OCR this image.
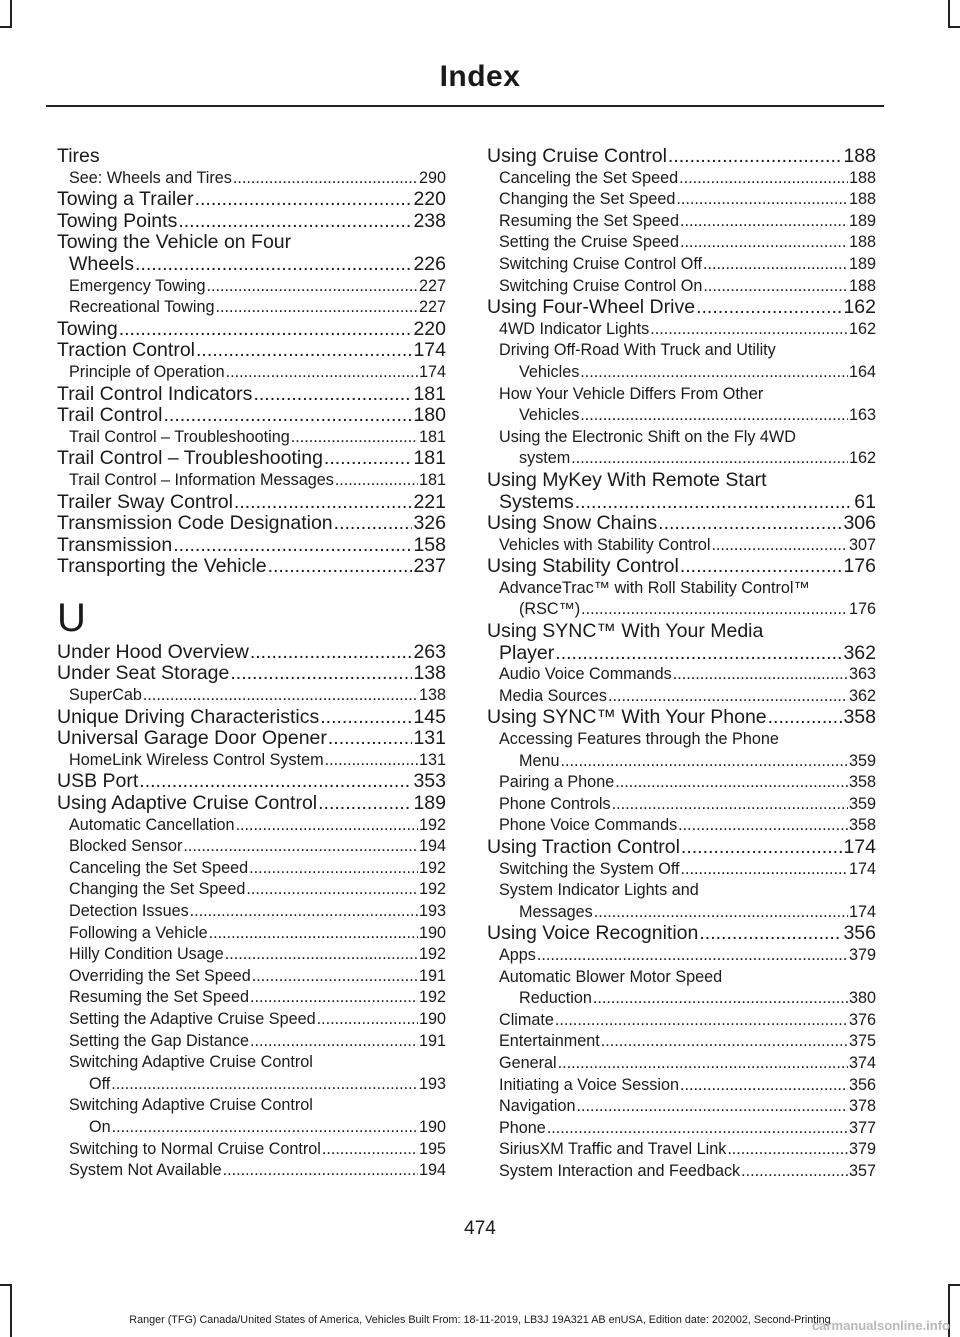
Index
Tires
See: Wheels and Tires .....	290
Towing a Trailer .....	220
Towing Points .....	238
Towing the Vehicle on Four
Wheels .....	226
Emergency Towing .....	227
Recreational Towing .....	227
Towing .....	220
Traction Control .....	174
Principle of Operation .....	174
Trail Control Indicators .....	181
Trail Control .....	180
Trail Control – Troubleshooting .....	181
Trail Control – Troubleshooting .....	181
Trail Control – Information Messages .....	181
Trailer Sway Control .....	221
Transmission Code Designation .....	326
Transmission .....	158
Transporting the Vehicle .....	237
U
Under Hood Overview .....	263
Under Seat Storage .....	138
SuperCab .....	138
Unique Driving Characteristics .....	145
Universal Garage Door Opener .....	131
HomeLink Wireless Control System .....	131
USB Port .....	353
Using Adaptive Cruise Control .....	189
Automatic Cancellation .....	192
Blocked Sensor .....	194
Canceling the Set Speed .....	192
Changing the Set Speed .....	192
Detection Issues .....	193
Following a Vehicle .....	190
Hilly Condition Usage .....	192
Overriding the Set Speed .....	191
Resuming the Set Speed .....	192
Setting the Adaptive Cruise Speed .....	190
Setting the Gap Distance .....	191
Switching Adaptive Cruise Control
Off .....	193
Switching Adaptive Cruise Control
On .....	190
Switching to Normal Cruise Control .....	195
System Not Available .....	194
Using Cruise Control .....	188
Canceling the Set Speed .....	188
Changing the Set Speed .....	188
Resuming the Set Speed .....	189
Setting the Cruise Speed .....	188
Switching Cruise Control Off .....	189
Switching Cruise Control On .....	188
Using Four-Wheel Drive .....	162
4WD Indicator Lights .....	162
Driving Off-Road With Truck and Utility
Vehicles .....	164
How Your Vehicle Differs From Other
Vehicles .....	163
Using the Electronic Shift on the Fly 4WD
system .....	162
Using MyKey With Remote Start
Systems .....	61
Using Snow Chains .....	306
Vehicles with Stability Control .....	307
Using Stability Control .....	176
AdvanceTrac™ with Roll Stability Control™
(RSC™) .....	176
Using SYNC™ With Your Media
Player .....	362
Audio Voice Commands .....	363
Media Sources .....	362
Using SYNC™ With Your Phone .....	358
Accessing Features through the Phone
Menu .....	359
Pairing a Phone .....	358
Phone Controls .....	359
Phone Voice Commands .....	358
Using Traction Control .....	174
Switching the System Off .....	174
System Indicator Lights and
Messages .....	174
Using Voice Recognition .....	356
Apps .....	379
Automatic Blower Motor Speed
Reduction .....	380
Climate .....	376
Entertainment .....	375
General .....	374
Initiating a Voice Session .....	356
Navigation .....	378
Phone .....	377
SiriusXM Traffic and Travel Link .....	379
System Interaction and Feedback .....	357
474
Ranger (TFG) Canada/United States of America, Vehicles Built From: 18-11-2019, LB3J 19A321 AB enUSA, Edition date: 202002, Second-Printing
carmanualsonline.info
